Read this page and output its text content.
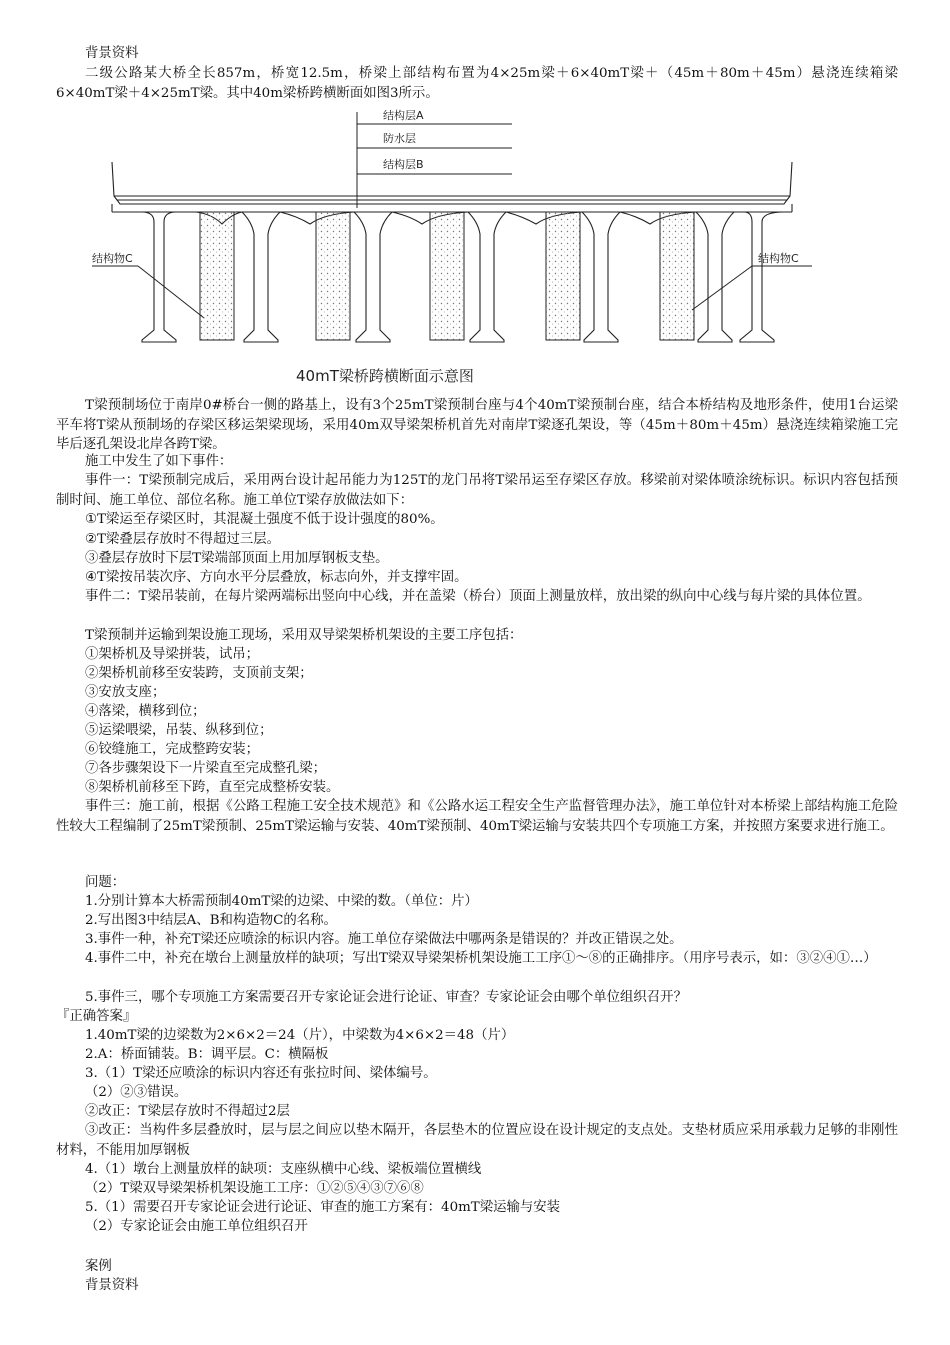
背景资料

二级公路某大桥全长857m，桥宽12.5m，桥梁上部结构布置为4×25m梁＋6×40mT梁＋（45m＋80m＋45m）悬浇连续箱梁6×40mT梁＋4×25mT梁。其中40m梁桥跨横断面如图3所示。

结构层A
防水层
结构层B
结构物C	结构物C
40mT梁桥跨横断面示意图

T梁预制场位于南岸0#桥台一侧的路基上，设有3个25mT梁预制台座与4个40mT梁预制台座，结合本桥结构及地形条件，使用1台运梁平车将T梁从预制场的存梁区移运架梁现场，采用40m双导梁架桥机首先对南岸T梁逐孔架设，等（45m＋80m＋45m）悬浇连续箱梁施工完毕后逐孔架设北岸各跨T梁。

施工中发生了如下事件：

事件一：T梁预制完成后，采用两台设计起吊能力为125T的龙门吊将T梁吊运至存梁区存放。移梁前对梁体喷涂统标识。标识内容包括预制时间、施工单位、部位名称。施工单位T梁存放做法如下：

①T梁运至存梁区时，其混凝土强度不低于设计强度的80%。

②T梁叠层存放时不得超过三层。

③叠层存放时下层T梁端部顶面上用加厚钢板支垫。

④T梁按吊装次序、方向水平分层叠放，标志向外，并支撑牢固。

事件二：T梁吊装前，在每片梁两端标出竖向中心线，并在盖梁（桥台）顶面上测量放样，放出梁的纵向中心线与每片梁的具体位置。

T梁预制并运输到架设施工现场，采用双导梁架桥机架设的主要工序包括：

①架桥机及导梁拼装，试吊；

②架桥机前移至安装跨，支顶前支架；

③安放支座；

④落梁，横移到位；

⑤运梁喂梁，吊装、纵移到位；

⑥铰缝施工，完成整跨安装；

⑦各步骤架设下一片梁直至完成整孔梁；

⑧架桥机前移至下跨，直至完成整桥安装。

事件三：施工前，根据《公路工程施工安全技术规范》和《公路水运工程安全生产监督管理办法》，施工单位针对本桥梁上部结构施工危险性较大工程编制了25mT梁预制、25mT梁运输与安装、40mT梁预制、40mT梁运输与安装共四个专项施工方案，并按照方案要求进行施工。

问题：

1.分别计算本大桥需预制40mT梁的边梁、中梁的数。（单位：片）

2.写出图3中结层A、B和构造物C的名称。

3.事件一种，补充T梁还应喷涂的标识内容。施工单位存梁做法中哪两条是错误的？并改正错误之处。

4.事件二中，补充在墩台上测量放样的缺项；写出T梁双导梁架桥机架设施工工序①～⑧的正确排序。（用序号表示，如：③②④①…）

5.事件三，哪个专项施工方案需要召开专家论证会进行论证、审查？专家论证会由哪个单位组织召开？

『正确答案』

1.40mT梁的边梁数为2×6×2＝24（片），中梁数为4×6×2＝48（片）

2.A：桥面铺装。B：调平层。C：横隔板

3.（1）T梁还应喷涂的标识内容还有张拉时间、梁体编号。

（2）②③错误。

②改正：T梁层存放时不得超过2层

③改正：当构件多层叠放时，层与层之间应以垫木隔开，各层垫木的位置应设在设计规定的支点处。支垫材质应采用承载力足够的非刚性材料，不能用加厚钢板

4.（1）墩台上测量放样的缺项：支座纵横中心线、梁板端位置横线

（2）T梁双导梁架桥机架设施工工序：①②⑤④③⑦⑥⑧

5.（1）需要召开专家论证会进行论证、审查的施工方案有：40mT梁运输与安装

（2）专家论证会由施工单位组织召开

案例

背景资料
